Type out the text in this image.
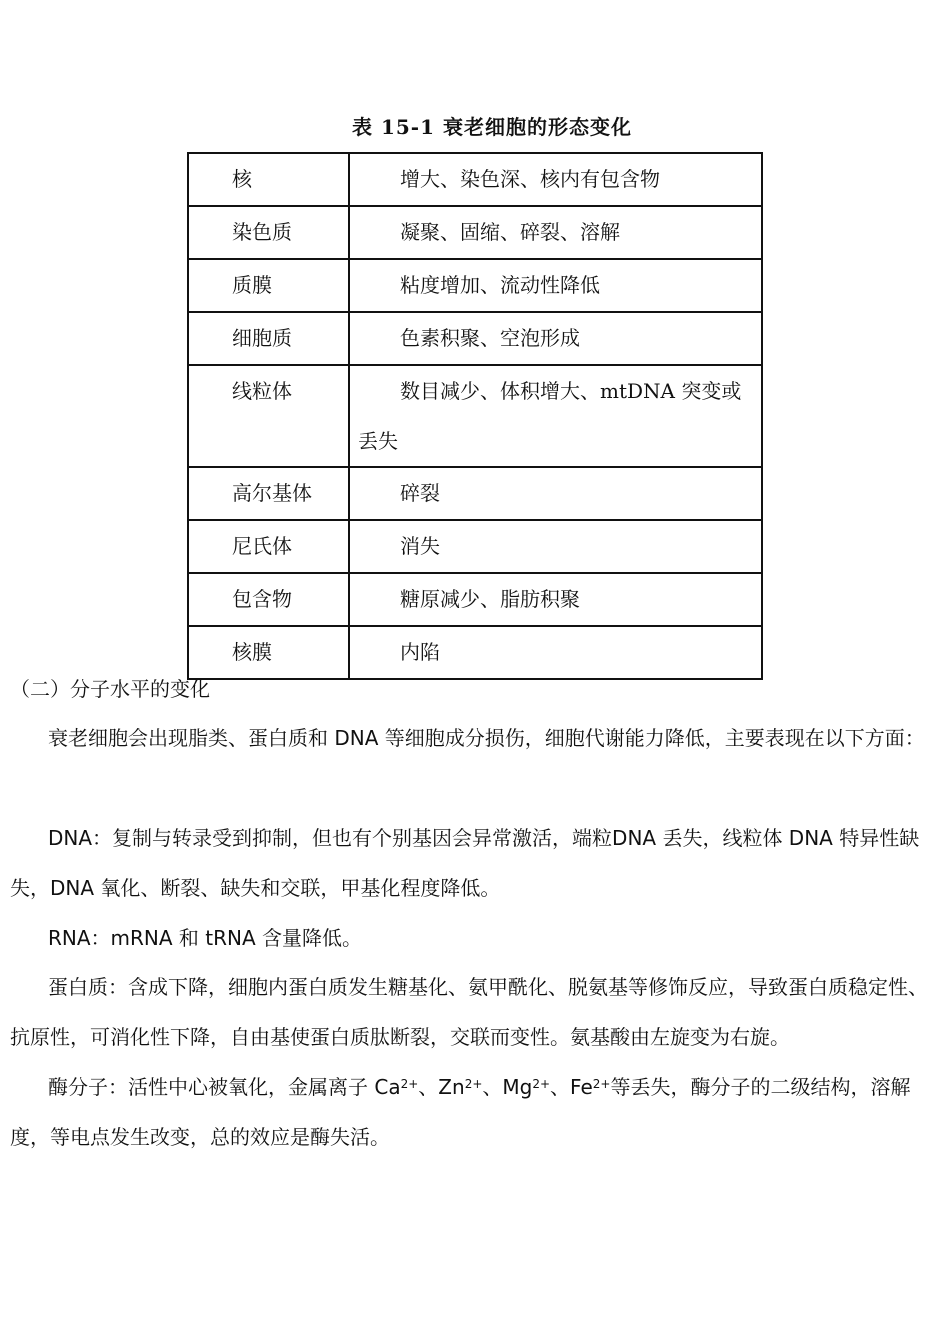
表 15-1 衰老细胞的形态变化
核	增大、染色深、核内有包含物
染色质	凝聚、固缩、碎裂、溶解
质膜	粘度增加、流动性降低
细胞质	色素积聚、空泡形成
线粒体	数目减少、体积增大、mtDNA 突变或丢失
高尔基体	碎裂
尼氏体	消失
包含物	糖原减少、脂肪积聚
核膜	内陷
（二）分子水平的变化
衰老细胞会出现脂类、蛋白质和 DNA 等细胞成分损伤，细胞代谢能力降低，主要表现在以下方面：
DNA：复制与转录受到抑制，但也有个别基因会异常激活，端粒DNA 丢失，线粒体 DNA 特异性缺失，DNA 氧化、断裂、缺失和交联，甲基化程度降低。
RNA：mRNA 和 tRNA 含量降低。
蛋白质：含成下降，细胞内蛋白质发生糖基化、氨甲酰化、脱氨基等修饰反应，导致蛋白质稳定性、抗原性，可消化性下降，自由基使蛋白质肽断裂，交联而变性。氨基酸由左旋变为右旋。
酶分子：活性中心被氧化，金属离子 $Ca^{2+}$、$Zn^{2+}$、$Mg^{2+}$、$Fe^{2+}$等丢失，酶分子的二级结构，溶解度，等电点发生改变，总的效应是酶失活。
